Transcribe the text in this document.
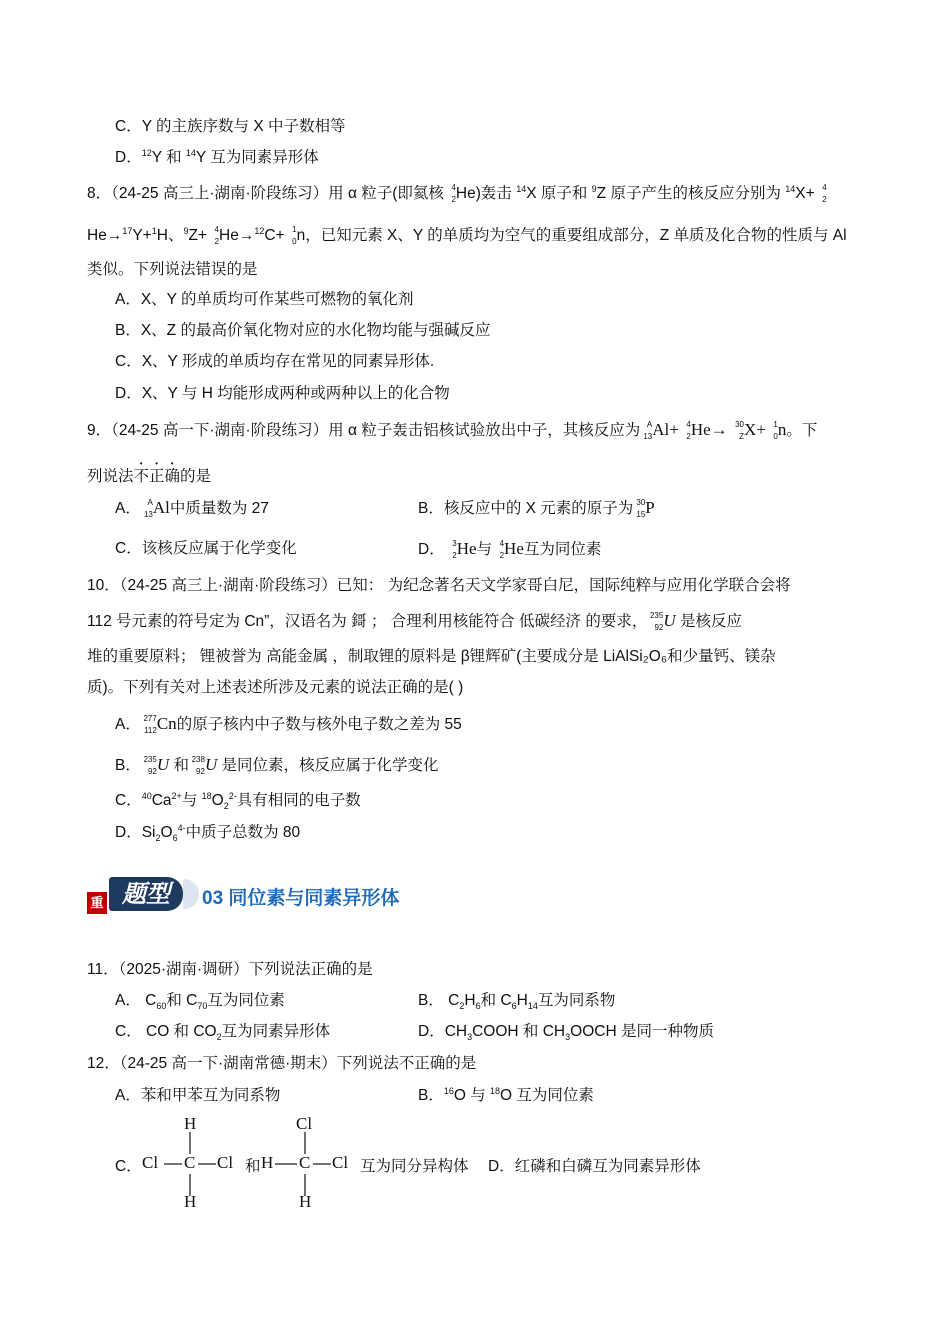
C．Y 的主族序数与 X 中子数相等
D．$^{12}$Y 和 $^{14}$Y 互为同素异形体
8．（24-25 高三上·湖南·阶段练习）用 α 粒子(即氦核 4
2 He)轰击 $^{14}$X 原子和 $^9$Z 原子产生的核反应分别为 $^{14}$X+ 4
2
He→$^{17}$Y+$^1$H、$^9$Z+ 4
2 He→$^{12}$C+ 1
0 n，已知元素 X、Y 的单质均为空气的重要组成部分，Z 单质及化合物的性质与 Al
类似。下列说法错误的是
A．X、Y 的单质均可作某些可燃物的氧化剂
B．X、Z 的最高价氧化物对应的水化物均能与强碱反应
C．X、Y 形成的单质均存在常见的同素异形体.
D．X、Y 与 H 均能形成两种或两种以上的化合物
9．（24-25 高一下·湖南·阶段练习）用 α 粒子轰击铝核试验放出中子，其核反应为 A
13 Al+ 4
2 He→ 30
Z X+ 1
0 n。下
列说法不正确的是
A． A
13 Al中质量数为 27	B．核反应中的 X 元素的原子为 30
15 P
C．该核反应属于化学变化	D． 3
2 He与 4
2 He互为同位素
10．（24-25 高三上·湖南·阶段练习）已知： 为纪念著名天文学家哥白尼，国际纯粹与应用化学联合会将
112 号元素的符号定为 Cn”，汉语名为 鎶 ； 合理利用核能符合 低碳经济 的要求， 235
92 U 是核反应
堆的重要原料； 锂被誉为 高能金属 ，制取锂的原料是 β锂辉矿(主要成分是 LiAlSi₂O₆和少量钙、镁杂
质)。下列有关对上述表述所涉及元素的说法正确的是( )
A． 277
112 Cn的原子核内中子数与核外电子数之差为 55
B． 235
92 U 和 238
92 U 是同位素，核反应属于化学变化
C．$^{40}Ca^{2+}$与 $^{18}O_2^{2-}$具有相同的电子数
D．$Si_2O_6^{4-}$中质子总数为 80
重 题型	03 同位素与同素异形体
11．（2025·湖南·调研）下列说法正确的是
A． $C_{60}$和 $C_{70}$互为同位素	B． $C_2H_6$和 $C_6H_{14}$互为同系物
C． CO 和 $CO_2$互为同素异形体	D．$CH_3COOH$ 和 $CH_3OOCH$ 是同一种物质
12．（24-25 高一下·湖南常德·期末）下列说法不正确的是
A．苯和甲苯互为同系物	B．$^{16}$O 与 $^{18}$O 互为同位素
C．
H
Cl C Cl
H
和
Cl
H C Cl
H
互为同分异构体 D．红磷和白磷互为同素异形体
